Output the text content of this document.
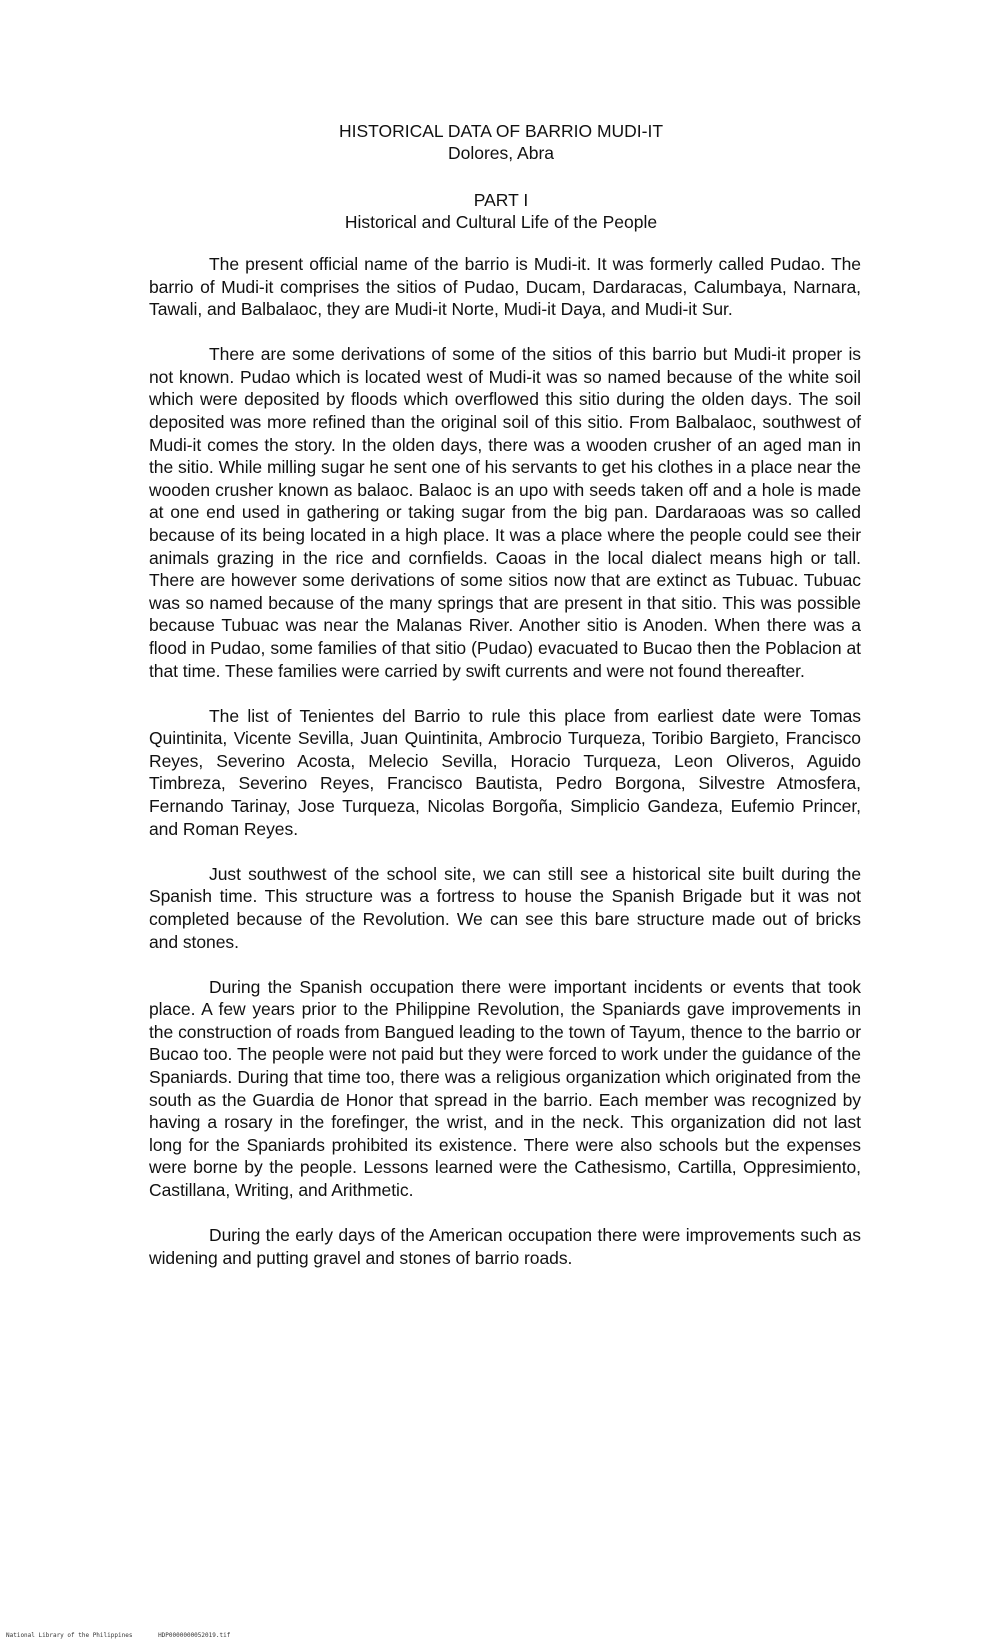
HISTORICAL DATA OF BARRIO MUDI-IT
Dolores, Abra
PART I
Historical and Cultural Life of the People

The present official name of the barrio is Mudi-it. It was formerly called Pudao. The barrio of Mudi-it comprises the sitios of Pudao, Ducam, Dardaracas, Calumbaya, Narnara, Tawali, and Balbalaoc, they are Mudi-it Norte, Mudi-it Daya, and Mudi-it Sur.

There are some derivations of some of the sitios of this barrio but Mudi-it proper is not known. Pudao which is located west of Mudi-it was so named because of the white soil which were deposited by floods which overflowed this sitio during the olden days. The soil deposited was more refined than the original soil of this sitio. From Balbalaoc, southwest of Mudi-it comes the story. In the olden days, there was a wooden crusher of an aged man in the sitio. While milling sugar he sent one of his servants to get his clothes in a place near the wooden crusher known as balaoc. Balaoc is an upo with seeds taken off and a hole is made at one end used in gathering or taking sugar from the big pan. Dardaraoas was so called because of its being located in a high place. It was a place where the people could see their animals grazing in the rice and cornfields. Caoas in the local dialect means high or tall. There are however some derivations of some sitios now that are extinct as Tubuac. Tubuac was so named because of the many springs that are present in that sitio. This was possible because Tubuac was near the Malanas River. Another sitio is Anoden. When there was a flood in Pudao, some families of that sitio (Pudao) evacuated to Bucao then the Poblacion at that time. These families were carried by swift currents and were not found thereafter.

The list of Tenientes del Barrio to rule this place from earliest date were Tomas Quintinita, Vicente Sevilla, Juan Quintinita, Ambrocio Turqueza, Toribio Bargieto, Francisco Reyes, Severino Acosta, Melecio Sevilla, Horacio Turqueza, Leon Oliveros, Aguido Timbreza, Severino Reyes, Francisco Bautista, Pedro Borgona, Silvestre Atmosfera, Fernando Tarinay, Jose Turqueza, Nicolas Borgoña, Simplicio Gandeza, Eufemio Princer, and Roman Reyes.

Just southwest of the school site, we can still see a historical site built during the Spanish time. This structure was a fortress to house the Spanish Brigade but it was not completed because of the Revolution. We can see this bare structure made out of bricks and stones.

During the Spanish occupation there were important incidents or events that took place. A few years prior to the Philippine Revolution, the Spaniards gave improvements in the construction of roads from Bangued leading to the town of Tayum, thence to the barrio or Bucao too. The people were not paid but they were forced to work under the guidance of the Spaniards. During that time too, there was a religious organization which originated from the south as the Guardia de Honor that spread in the barrio. Each member was recognized by having a rosary in the forefinger, the wrist, and in the neck. This organization did not last long for the Spaniards prohibited its existence. There were also schools but the expenses were borne by the people. Lessons learned were the Cathesismo, Cartilla, Oppresimiento, Castillana, Writing, and Arithmetic.

During the early days of the American occupation there were improvements such as widening and putting gravel and stones of barrio roads.

National Library of the Philippines	HDP0000000052019.tif
